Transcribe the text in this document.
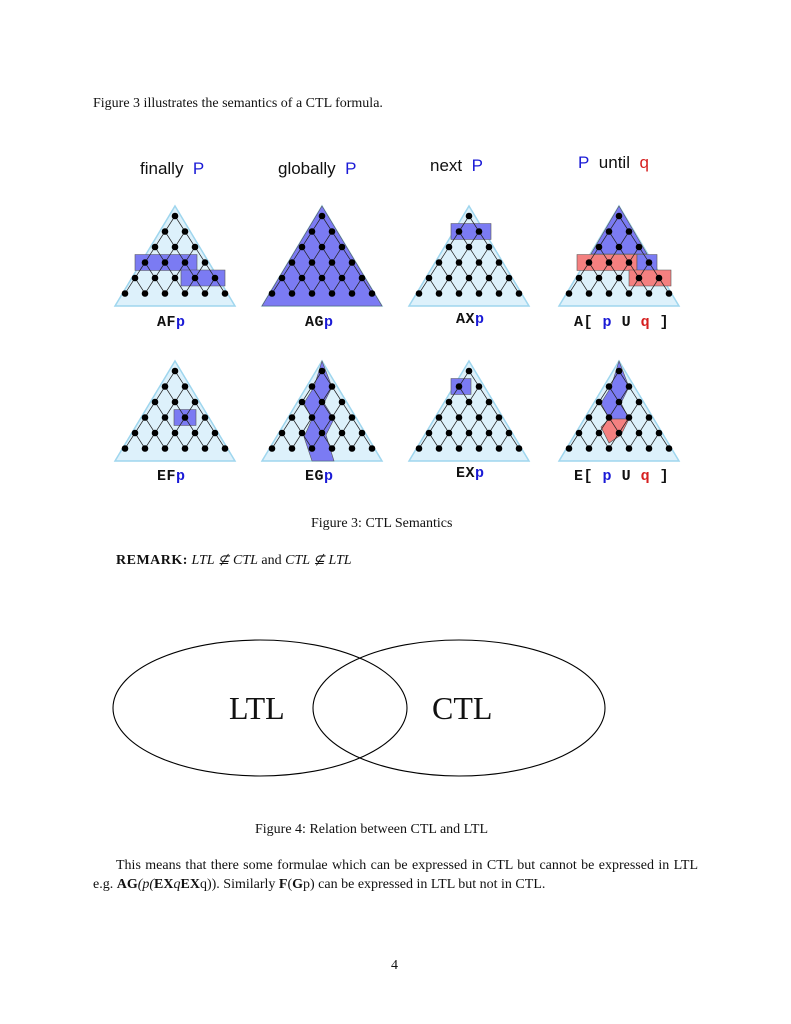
Figure 3 illustrates the semantics of a CTL formula.
finally P	globally P	next P	P until q
AFp	AGp	AXp	A[ p U q ]
EFp	EGp	EXp	E[ p U q ]
Figure 3: CTL Semantics
REMARK: LTL ⊈ CTL and CTL ⊈ LTL
LTL	CTL
Figure 4: Relation between CTL and LTL

This means that there some formulae which can be expressed in CTL but cannot be expressed in LTL e.g. AG(p(EXqEXq)). Similarly F(Gp) can be expressed in LTL but not in CTL.

4
